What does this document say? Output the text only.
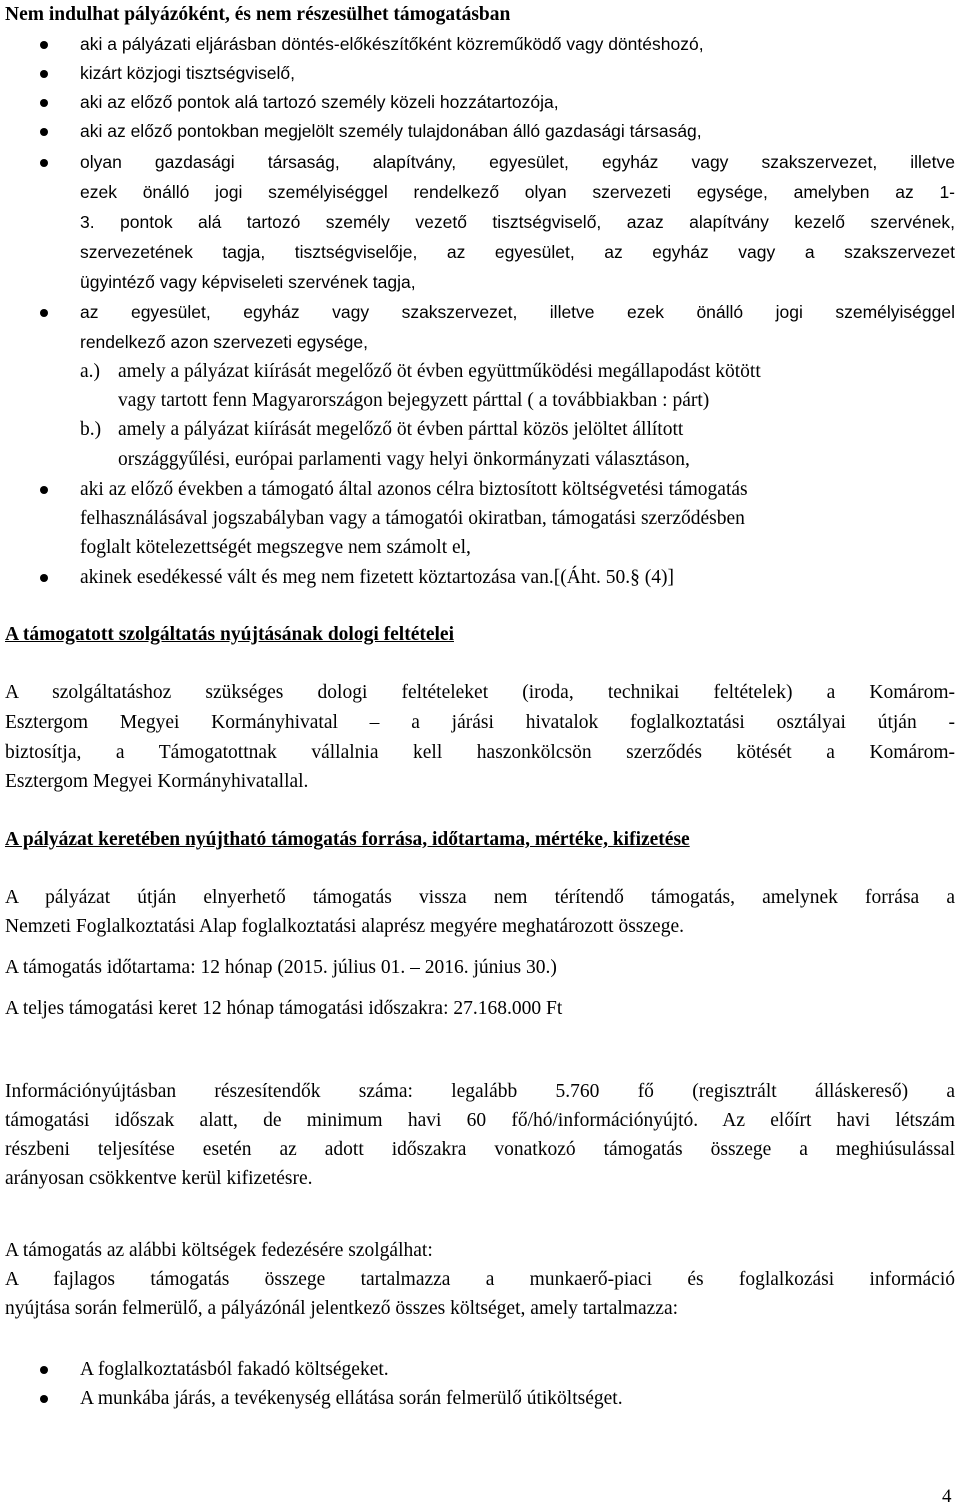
Nem indulhat pályázóként, és nem részesülhet támogatásban
aki a pályázati eljárásban döntés-előkészítőként közreműködő vagy döntéshozó,
kizárt közjogi tisztségviselő,
aki az előző pontok alá tartozó személy közeli hozzátartozója,
aki az előző pontokban megjelölt személy tulajdonában álló gazdasági társaság,
olyan gazdasági társaság, alapítvány, egyesület, egyház vagy szakszervezet, illetve
ezek önálló jogi személyiséggel rendelkező olyan szervezeti egysége, amelyben az 1-
3. pontok alá tartozó személy vezető tisztségviselő, azaz alapítvány kezelő szervének,
szervezetének tagja, tisztségviselője, az egyesület, az egyház vagy a szakszervezet
ügyintéző vagy képviseleti szervének tagja,
az egyesület, egyház vagy szakszervezet, illetve ezek önálló jogi személyiséggel
rendelkező azon szervezeti egysége,
a.) amely a pályázat kiírását megelőző öt évben együttműködési megállapodást kötött
vagy tartott fenn Magyarországon bejegyzett párttal ( a továbbiakban : párt)
b.) amely a pályázat kiírását megelőző öt évben párttal közös jelöltet állított
országgyűlési, európai parlamenti vagy helyi önkormányzati választáson,
aki az előző években a támogató által azonos célra biztosított költségvetési támogatás
felhasználásával jogszabályban vagy a támogatói okiratban, támogatási szerződésben
foglalt kötelezettségét megszegve nem számolt el,
akinek esedékessé vált és meg nem fizetett köztartozása van.[(Áht. 50.§ (4)]
A támogatott szolgáltatás nyújtásának dologi feltételei
A szolgáltatáshoz szükséges dologi feltételeket (iroda, technikai feltételek) a Komárom-
Esztergom Megyei Kormányhivatal – a járási hivatalok foglalkoztatási osztályai útján -
biztosítja, a Támogatottnak vállalnia kell haszonkölcsön szerződés kötését a Komárom-
Esztergom Megyei Kormányhivatallal.
A pályázat keretében nyújtható támogatás forrása, időtartama, mértéke, kifizetése
A pályázat útján elnyerhető támogatás vissza nem térítendő támogatás, amelynek forrása a
Nemzeti Foglalkoztatási Alap foglalkoztatási alaprész megyére meghatározott összege.
A támogatás időtartama: 12 hónap (2015. július 01. – 2016. június 30.)
A teljes támogatási keret 12 hónap támogatási időszakra: 27.168.000 Ft
Információnyújtásban részesítendők száma: legalább 5.760 fő (regisztrált álláskereső) a
támogatási időszak alatt, de minimum havi 60 fő/hó/információnyújtó. Az előírt havi létszám
részbeni teljesítése esetén az adott időszakra vonatkozó támogatás összege a meghiúsulással
arányosan csökkentve kerül kifizetésre.
A támogatás az alábbi költségek fedezésére szolgálhat:
A fajlagos támogatás összege tartalmazza a munkaerő-piaci és foglalkozási információ
nyújtása során felmerülő, a pályázónál jelentkező összes költséget, amely tartalmazza:
A foglalkoztatásból fakadó költségeket.
A munkába járás, a tevékenység ellátása során felmerülő útiköltséget.
4
